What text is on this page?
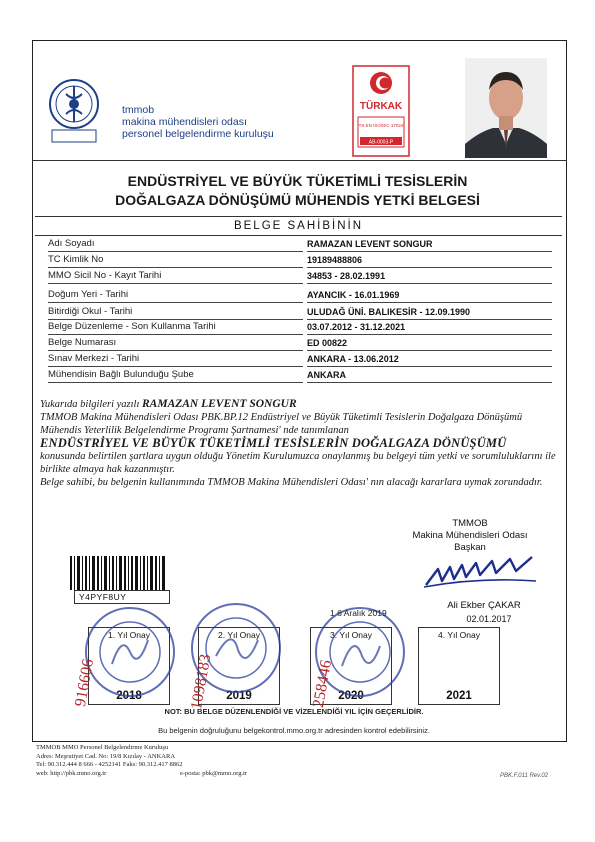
tmmob
makina mühendisleri odası
personel belgelendirme kuruluşu
TÜRKAK
TS EN ISO/IEC 17024
AB-0003-P
ENDÜSTRİYEL VE BÜYÜK TÜKETİMLİ TESİSLERİN
DOĞALGAZA DÖNÜŞÜMÜ MÜHENDİS YETKİ BELGESİ
BELGE SAHİBİNİN
Adı Soyadı	RAMAZAN LEVENT SONGUR
TC Kimlik No	19189488806
MMO Sicil No - Kayıt Tarihi	34853 - 28.02.1991
Doğum Yeri - Tarihi	AYANCIK - 16.01.1969
Bitirdiği Okul - Tarihi	ULUDAĞ ÜNİ. BALIKESİR - 12.09.1990
Belge Düzenleme - Son Kullanma Tarihi	03.07.2012 - 31.12.2021
Belge Numarası	ED 00822
Sınav Merkezi - Tarihi	ANKARA - 13.06.2012
Mühendisin Bağlı Bulunduğu Şube	ANKARA
Yukarıda bilgileri yazılı RAMAZAN LEVENT SONGUR
TMMOB Makina Mühendisleri Odası PBK.BP.12 Endüstriyel ve Büyük Tüketimli Tesislerin Doğalgaza Dönüşümü Mühendis Yeterlilik Belgelendirme Programı Şartnamesi' nde tanımlanan
ENDÜSTRİYEL VE BÜYÜK TÜKETİMLİ TESİSLERİN DOĞALGAZA DÖNÜŞÜMÜ
konusunda belirtilen şartlara uygun olduğu Yönetim Kurulumuzca onaylanmış bu belgeyi tüm yetki ve sorumluluklarını ile birlikte almaya hak kazanmıştır.
Belge sahibi, bu belgenin kullanımında TMMOB Makina Mühendisleri Odası' nın alacağı kararlara uymak zorundadır.
TMMOB
Makina Mühendisleri Odası
Başkan
Ali Ekber ÇAKAR
02.01.2017
Y4PYF8UY
1. Yıl Onay
2018
2. Yıl Onay
2019
3. Yıl Onay
2020
4. Yıl Onay
2021
1 6 Aralık 2019
916606	1098183	258446
NOT: BU BELGE DÜZENLENDİĞİ VE VİZELENDİĞİ YIL İÇİN GEÇERLİDİR.
Bu belgenin doğruluğunu belgekontrol.mmo.org.tr adresinden kontrol edebilirsiniz.
TMMOB MMO Personel Belgelendirme Kuruluşu
Adres: Meşrutiyet Cad. No: 19/8 Kızılay - ANKARA
Tel: 90.312.444 8 666 - 4252141 Faks: 90.312.417 8862
web: http://pbk.mmo.org.tr	e-posta: pbk@mmo.org.tr	PBK.F.011 Rev.02
